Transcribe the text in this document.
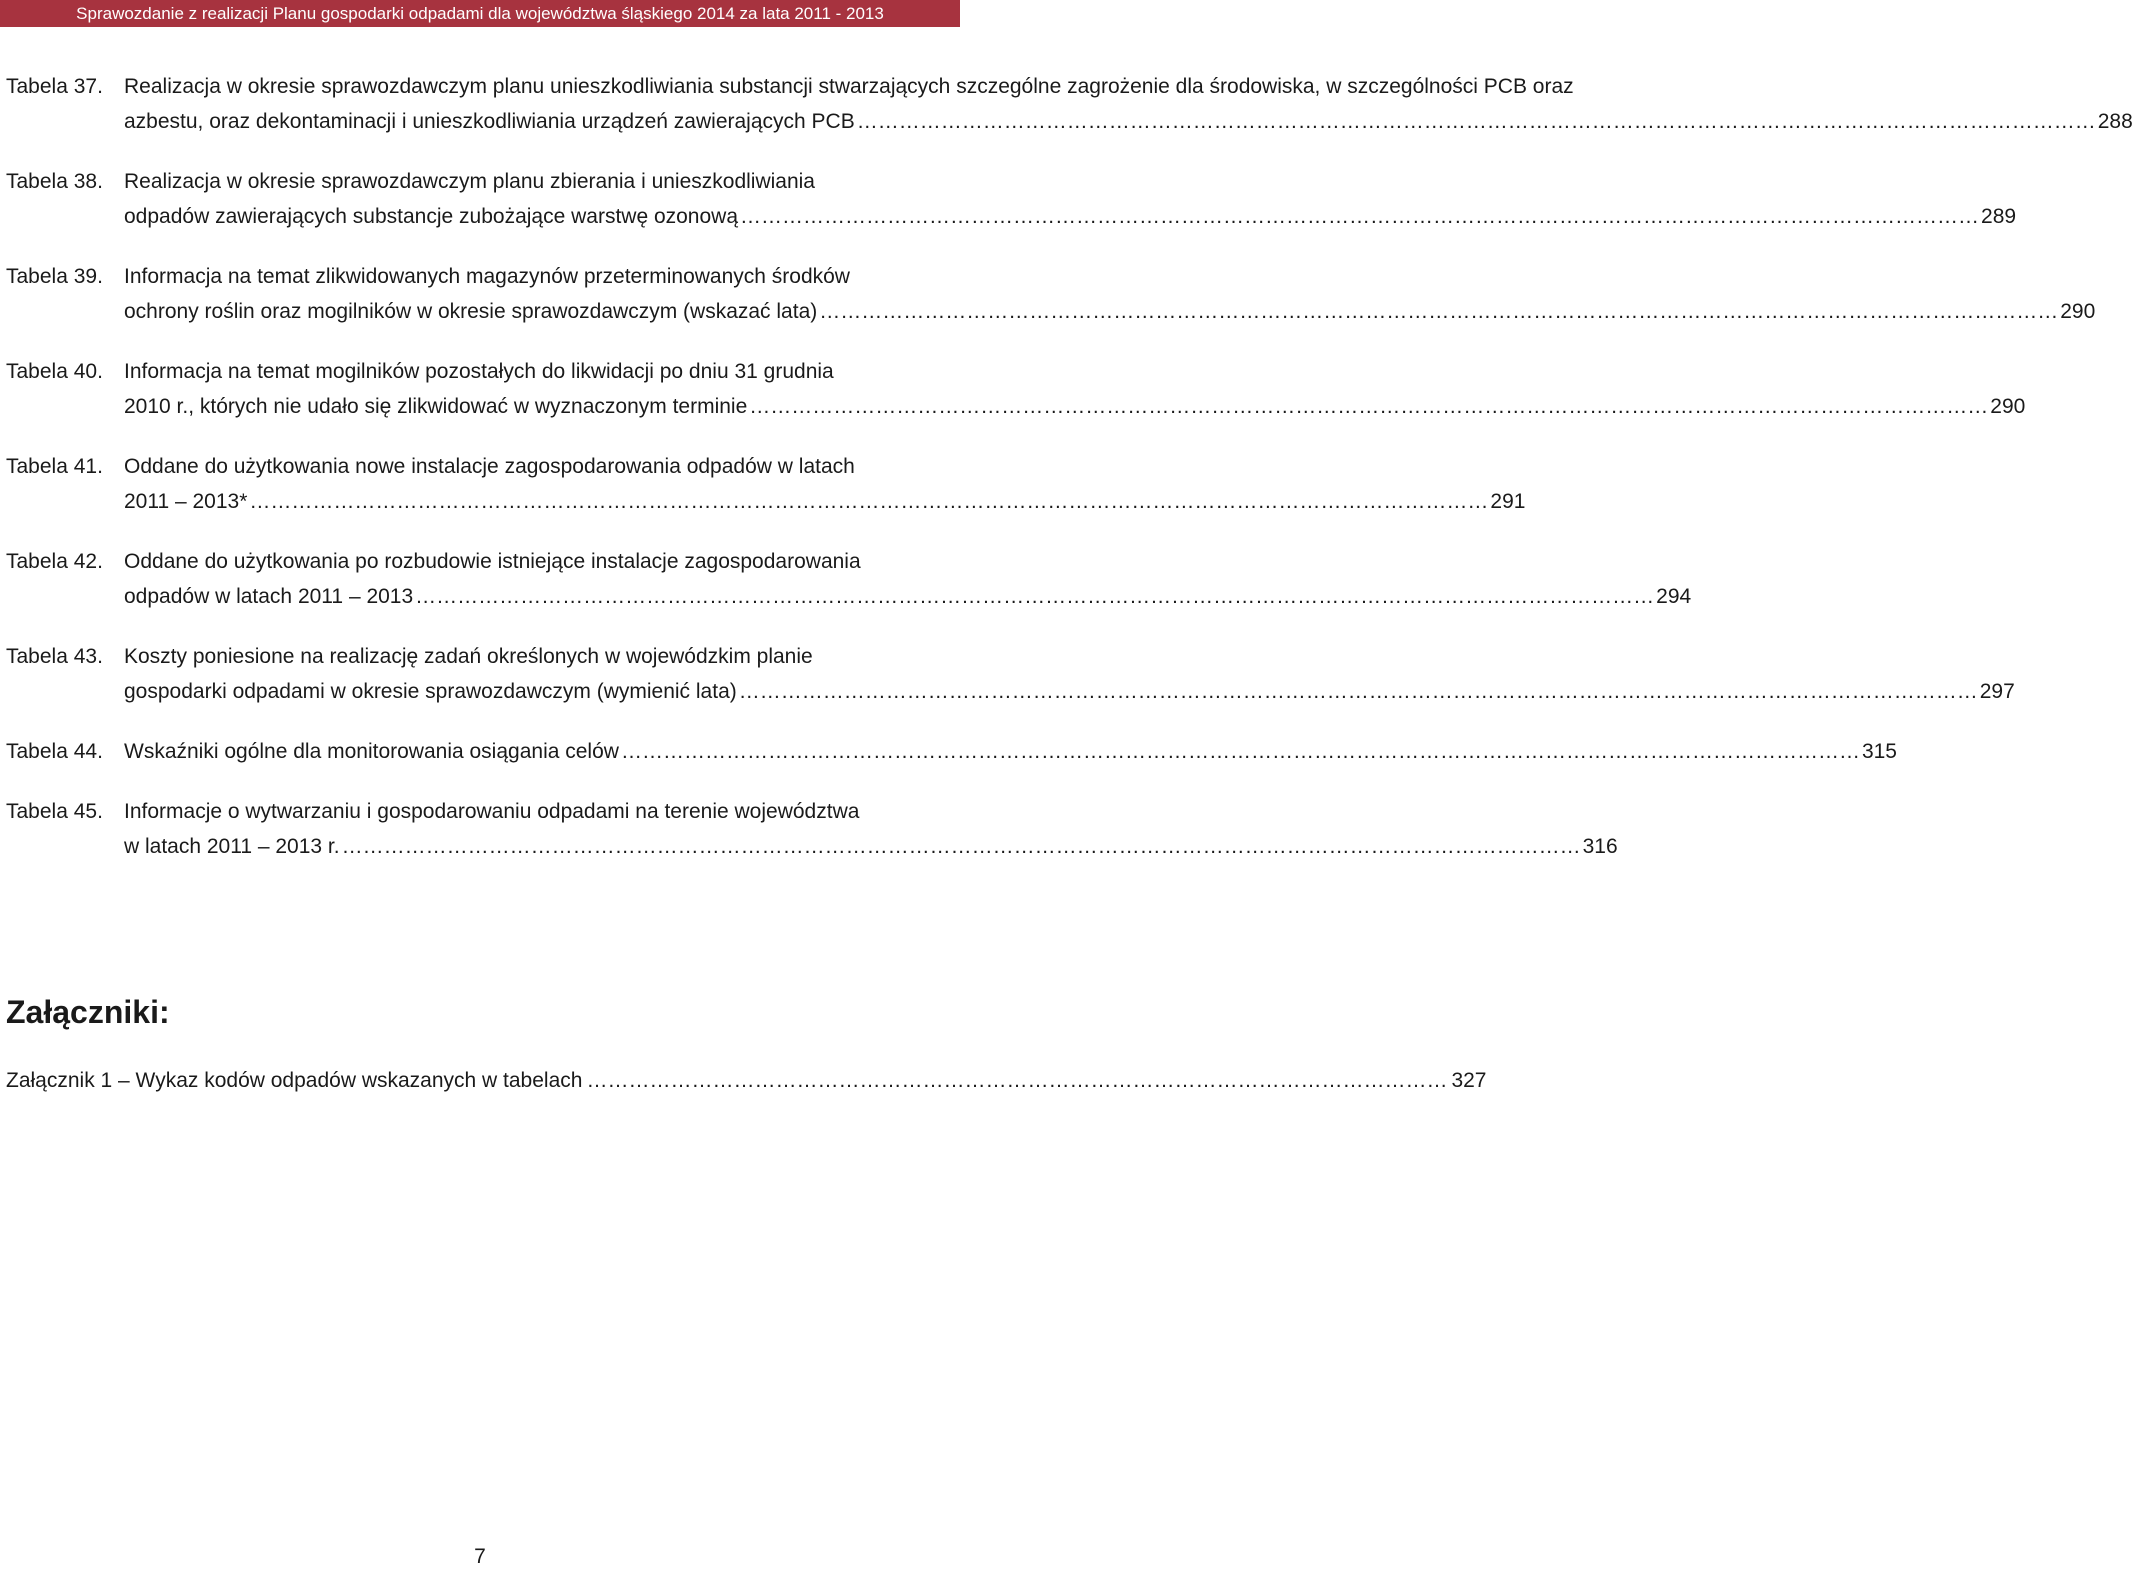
Sprawozdanie z realizacji Planu gospodarki odpadami dla województwa śląskiego 2014 za lata 2011 - 2013
Tabela 37.	Realizacja w okresie sprawozdawczym planu unieszkodliwiania substancji stwarzających szczególne zagrożenie dla środowiska, w szczególności PCB oraz
azbestu, oraz dekontaminacji i unieszkodliwiania urządzeń zawierających PCB …………………………………………………………………………………………………………………………………………………………… 288
Tabela 38.	Realizacja w okresie sprawozdawczym planu zbierania i unieszkodliwiania
odpadów zawierających substancje zubożające warstwę ozonową …………………………………………………………………………………………………………………………………………………………… 289
Tabela 39.	Informacja na temat zlikwidowanych magazynów przeterminowanych środków
ochrony roślin oraz mogilników w okresie sprawozdawczym (wskazać lata) …………………………………………………………………………………………………………………………………………………………… 290
Tabela 40.	Informacja na temat mogilników pozostałych do likwidacji po dniu 31 grudnia
2010 r., których nie udało się zlikwidować w wyznaczonym terminie …………………………………………………………………………………………………………………………………………………………… 290
Tabela 41.	Oddane do użytkowania nowe instalacje zagospodarowania odpadów w latach
2011 – 2013* …………………………………………………………………………………………………………………………………………………………… 291
Tabela 42.	Oddane do użytkowania po rozbudowie istniejące instalacje zagospodarowania
odpadów w latach 2011 – 2013 …………………………………………………………………………………………………………………………………………………………… 294
Tabela 43.	Koszty poniesione na realizację zadań określonych w wojewódzkim planie
gospodarki odpadami w okresie sprawozdawczym (wymienić lata) …………………………………………………………………………………………………………………………………………………………… 297
Tabela 44.	Wskaźniki ogólne dla monitorowania osiągania celów …………………………………………………………………………………………………………………………………………………………… 315
Tabela 45.	Informacje o wytwarzaniu i gospodarowaniu odpadami na terenie województwa
w latach 2011 – 2013 r. …………………………………………………………………………………………………………………………………………………………… 316
Załączniki:
Załącznik 1 – Wykaz kodów odpadów wskazanych w tabelach …………………………………………………………………………………………………………… 327
7
